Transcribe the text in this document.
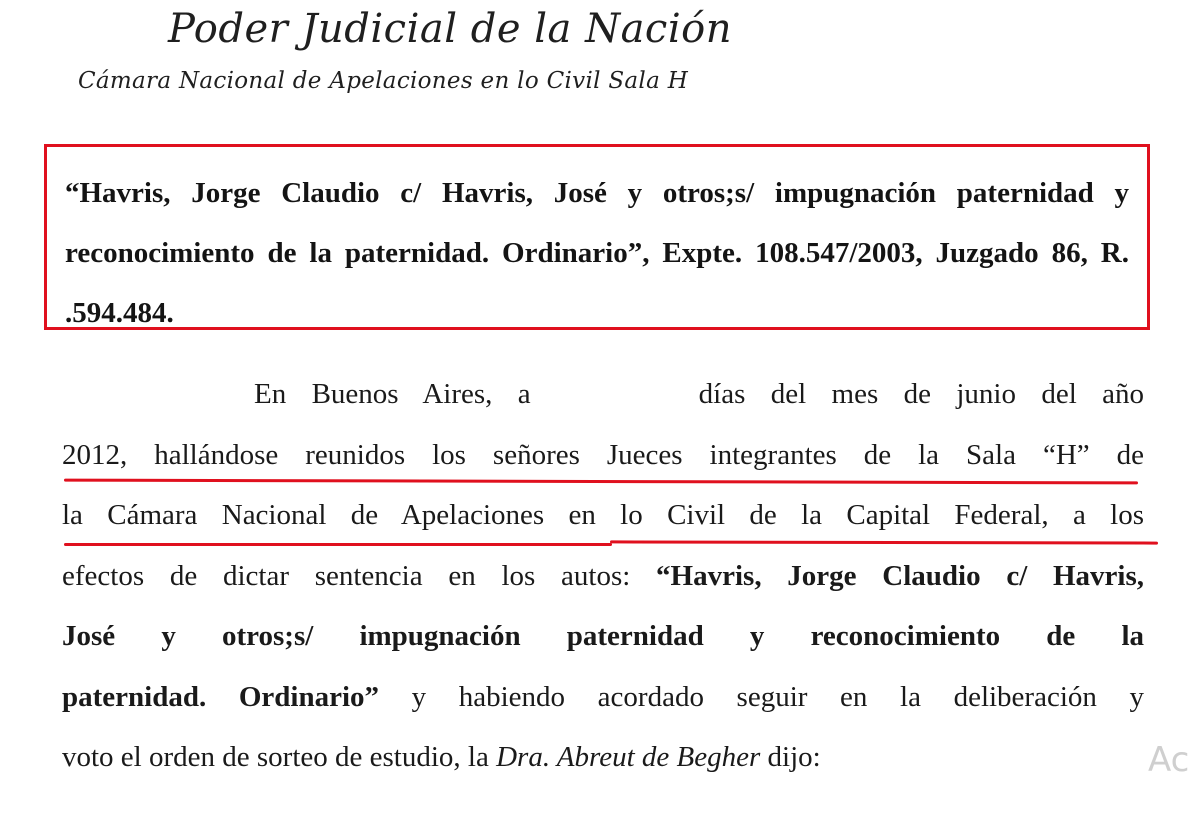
Poder Judicial de la Nación
Cámara Nacional de Apelaciones en lo Civil Sala H
“Havris, Jorge Claudio c/ Havris, José y otros;s/ impugnación paternidad y reconocimiento de la paternidad. Ordinario”, Expte. 108.547/2003, Juzgado 86, R. .594.484.
En Buenos Aires, a	días del mes de junio del año
2012, hallándose reunidos los señores Jueces integrantes de la Sala “H” de
la Cámara Nacional de Apelaciones en lo Civil de la Capital Federal, a los
efectos de dictar sentencia en los autos: “Havris, Jorge Claudio c/ Havris,
José y otros;s/ impugnación paternidad y reconocimiento de la
paternidad. Ordinario” y habiendo acordado seguir en la deliberación y
voto el orden de sorteo de estudio, la Dra. Abreut de Begher dijo:	Ac
